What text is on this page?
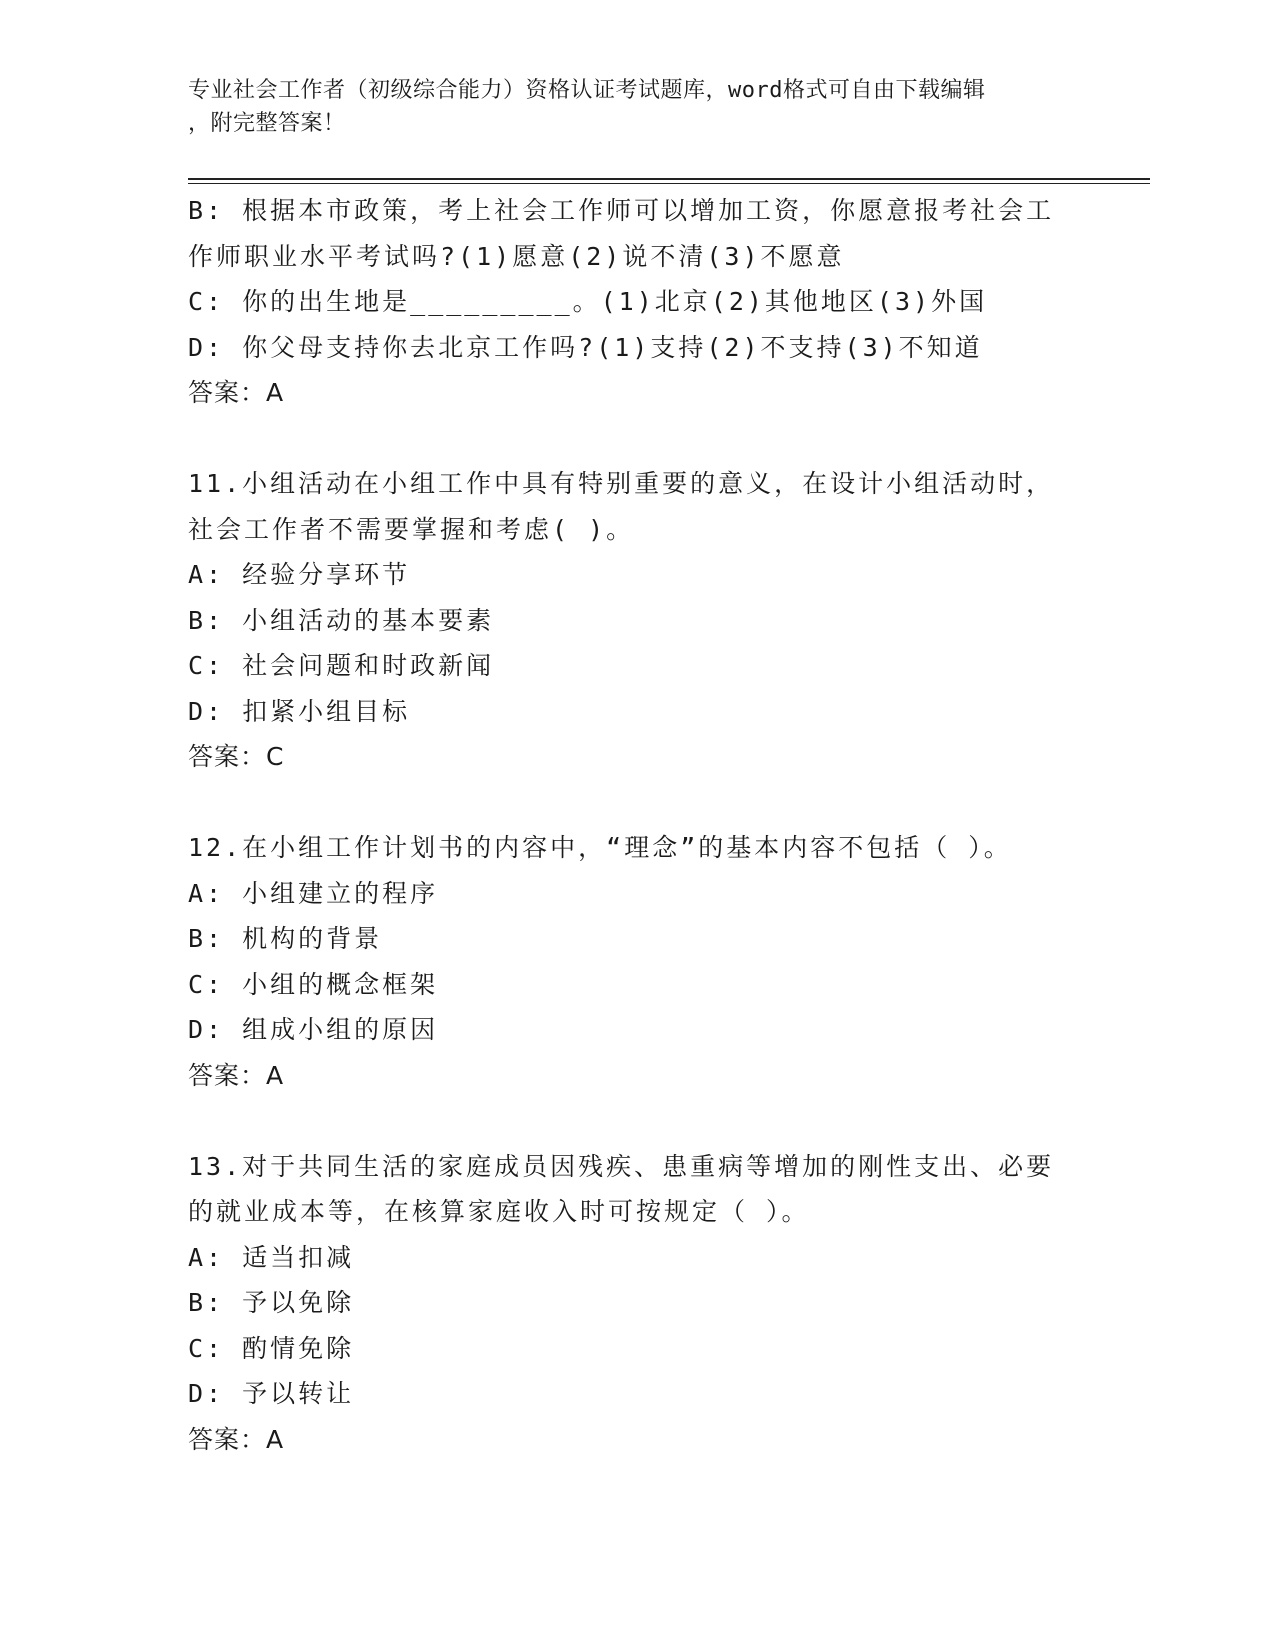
专业社会工作者（初级综合能力）资格认证考试题库，word格式可自由下载编辑
，附完整答案！
B: 根据本市政策，考上社会工作师可以增加工资，你愿意报考社会工
作师职业水平考试吗?(1)愿意(2)说不清(3)不愿意
C: 你的出生地是_________。(1)北京(2)其他地区(3)外国
D: 你父母支持你去北京工作吗?(1)支持(2)不支持(3)不知道
答案：A
11.小组活动在小组工作中具有特别重要的意义，在设计小组活动时，
社会工作者不需要掌握和考虑( )。
A: 经验分享环节
B: 小组活动的基本要素
C: 社会问题和时政新闻
D: 扣紧小组目标
答案：C
12.在小组工作计划书的内容中，“理念”的基本内容不包括（ ）。
A: 小组建立的程序
B: 机构的背景
C: 小组的概念框架
D: 组成小组的原因
答案：A
13.对于共同生活的家庭成员因残疾、患重病等增加的刚性支出、必要
的就业成本等，在核算家庭收入时可按规定（ ）。
A: 适当扣减
B: 予以免除
C: 酌情免除
D: 予以转让
答案：A
